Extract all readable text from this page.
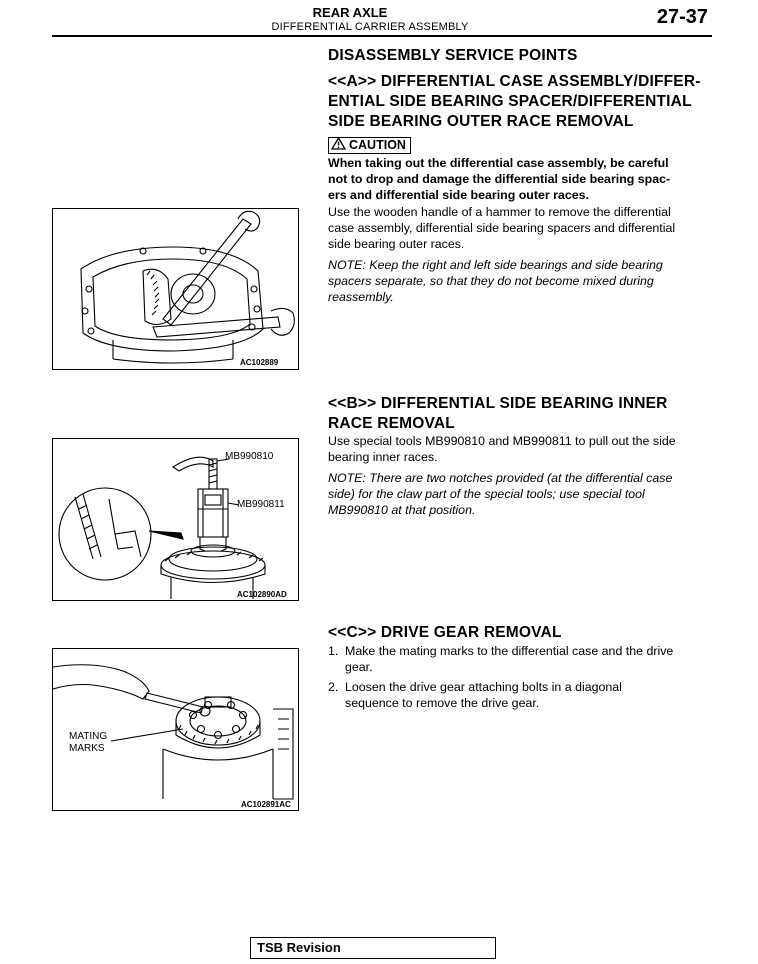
REAR AXLE
DIFFERENTIAL CARRIER ASSEMBLY	27-37
DISASSEMBLY SERVICE POINTS
<<A>> DIFFERENTIAL CASE ASSEMBLY/DIFFER-
ENTIAL SIDE BEARING SPACER/DIFFERENTIAL
SIDE BEARING OUTER RACE REMOVAL
CAUTION
When taking out the differential case assembly, be careful
not to drop and damage the differential side bearing spac-
ers and differential side bearing outer races.
Use the wooden handle of a hammer to remove the differential
case assembly, differential side bearing spacers and differential
side bearing outer races.
NOTE: Keep the right and left side bearings and side bearing
spacers separate, so that they do not become mixed during
reassembly.
AC102889
<<B>> DIFFERENTIAL SIDE BEARING INNER
RACE REMOVAL
Use special tools MB990810 and MB990811 to pull out the side
bearing inner races.
NOTE: There are two notches provided (at the differential case
side) for the claw part of the special tools; use special tool
MB990810 at that position.
MB990810
MB990811
AC102890AD
<<C>> DRIVE GEAR REMOVAL
1. Make the mating marks to the differential case and the drive
gear.
2. Loosen the drive gear attaching bolts in a diagonal
sequence to remove the drive gear.
MATING
MARKS
AC102891AC
TSB Revision
